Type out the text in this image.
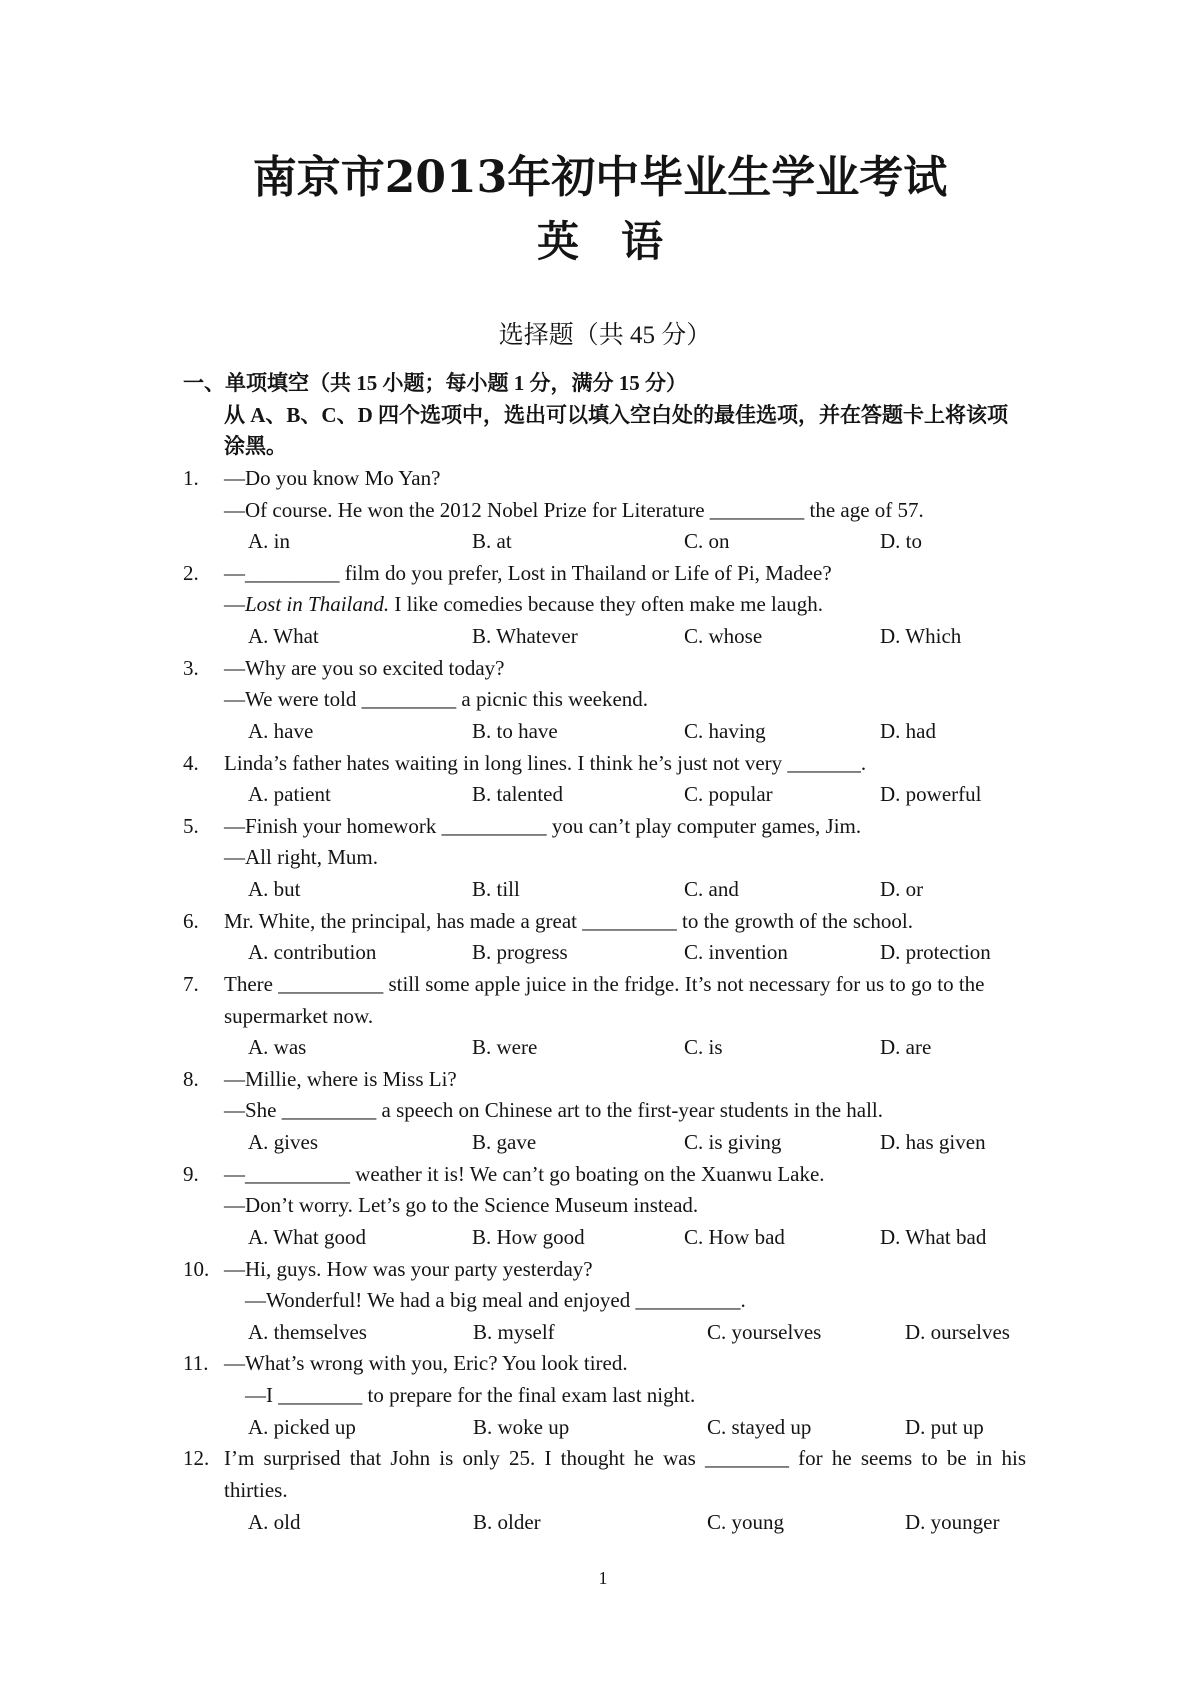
南京市2013年初中毕业生学业考试
英　语
选择题（共 45 分）
一、单项填空（共 15 小题；每小题 1 分，满分 15 分）
从 A、B、C、D 四个选项中，选出可以填入空白处的最佳选项，并在答题卡上将该项
涂黑。
1. —Do you know Mo Yan?
—Of course. He won the 2012 Nobel Prize for Literature _________ the age of 57.
A. in	B. at	C. on	D. to
2. —_________ film do you prefer, Lost in Thailand or Life of Pi, Madee?
—Lost in Thailand. I like comedies because they often make me laugh.
A. What	B. Whatever	C. whose	D. Which
3. —Why are you so excited today?
—We were told _________ a picnic this weekend.
A. have	B. to have	C. having	D. had
4. Linda’s father hates waiting in long lines. I think he’s just not very _______.
A. patient	B. talented	C. popular	D. powerful
5. —Finish your homework __________ you can’t play computer games, Jim.
—All right, Mum.
A. but	B. till	C. and	D. or
6. Mr. White, the principal, has made a great _________ to the growth of the school.
A. contribution	B. progress	C. invention	D. protection
7. There __________ still some apple juice in the fridge. It’s not necessary for us to go to the
supermarket now.
A. was	B. were	C. is	D. are
8. —Millie, where is Miss Li?
—She _________ a speech on Chinese art to the first-year students in the hall.
A. gives	B. gave	C. is giving	D. has given
9. —__________ weather it is! We can’t go boating on the Xuanwu Lake.
—Don’t worry. Let’s go to the Science Museum instead.
A. What good	B. How good	C. How bad	D. What bad
10. —Hi, guys. How was your party yesterday?
—Wonderful! We had a big meal and enjoyed __________.
A. themselves	B. myself	C. yourselves	D. ourselves
11. —What’s wrong with you, Eric? You look tired.
—I ________ to prepare for the final exam last night.
A. picked up	B. woke up	C. stayed up	D. put up
12. I’m surprised that John is only 25. I thought he was ________ for he seems to be in his
thirties.
A. old	B. older	C. young	D. younger
1
